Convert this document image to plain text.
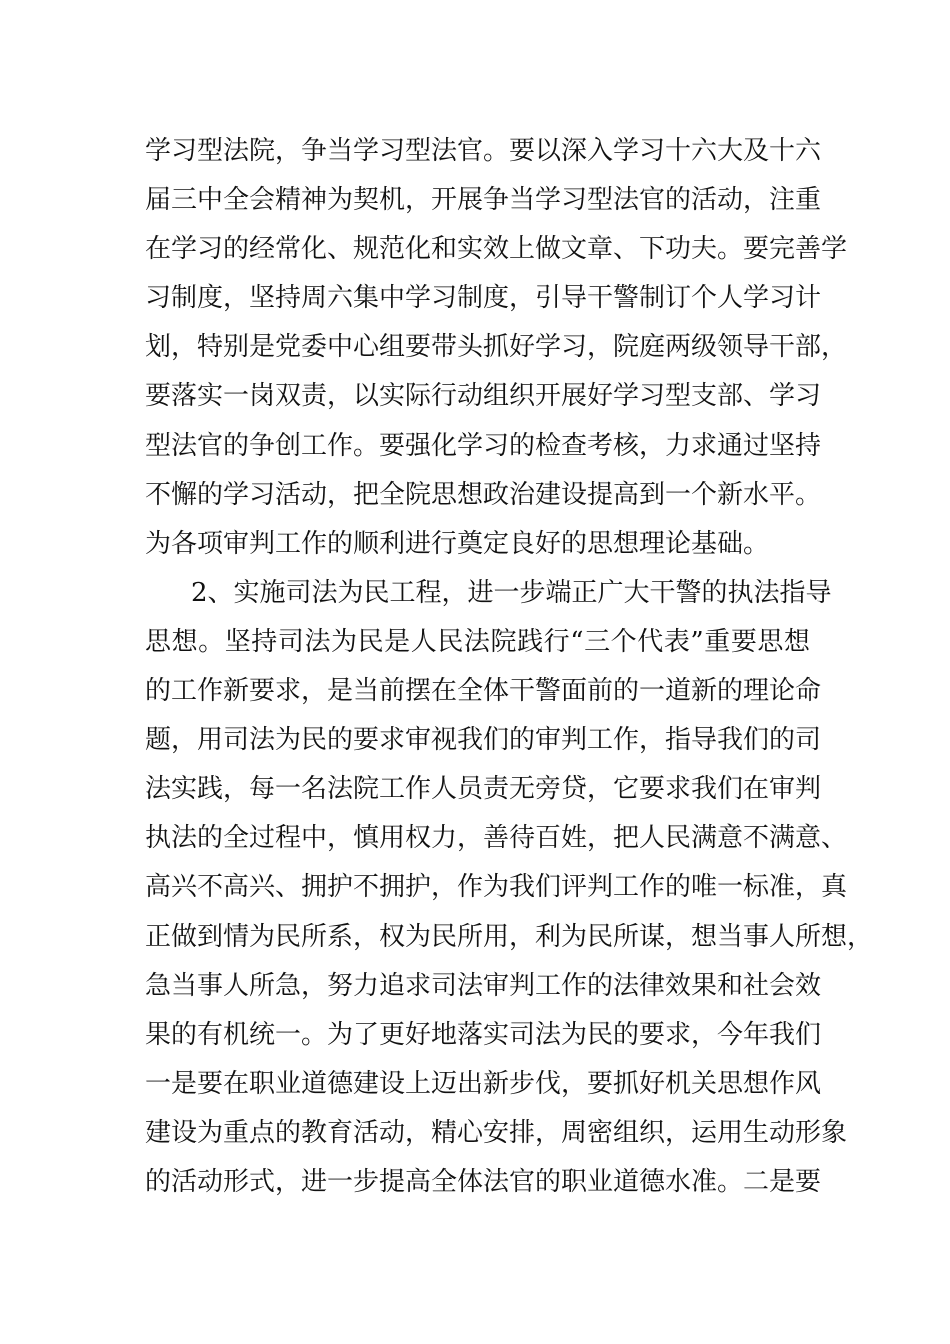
学习型法院，争当学习型法官。要以深入学习十六大及十六
届三中全会精神为契机，开展争当学习型法官的活动，注重
在学习的经常化、规范化和实效上做文章、下功夫。要完善学
习制度，坚持周六集中学习制度，引导干警制订个人学习计
划，特别是党委中心组要带头抓好学习，院庭两级领导干部，
要落实一岗双责，以实际行动组织开展好学习型支部、学习
型法官的争创工作。要强化学习的检查考核，力求通过坚持
不懈的学习活动，把全院思想政治建设提高到一个新水平。
为各项审判工作的顺利进行奠定良好的思想理论基础。
2、实施司法为民工程，进一步端正广大干警的执法指导
思想。坚持司法为民是人民法院践行“三个代表”重要思想
的工作新要求，是当前摆在全体干警面前的一道新的理论命
题，用司法为民的要求审视我们的审判工作，指导我们的司
法实践，每一名法院工作人员责无旁贷，它要求我们在审判
执法的全过程中，慎用权力，善待百姓，把人民满意不满意、
高兴不高兴、拥护不拥护，作为我们评判工作的唯一标准，真
正做到情为民所系，权为民所用，利为民所谋，想当事人所想，
急当事人所急，努力追求司法审判工作的法律效果和社会效
果的有机统一。为了更好地落实司法为民的要求，今年我们
一是要在职业道德建设上迈出新步伐，要抓好机关思想作风
建设为重点的教育活动，精心安排，周密组织，运用生动形象
的活动形式，进一步提高全体法官的职业道德水准。二是要
